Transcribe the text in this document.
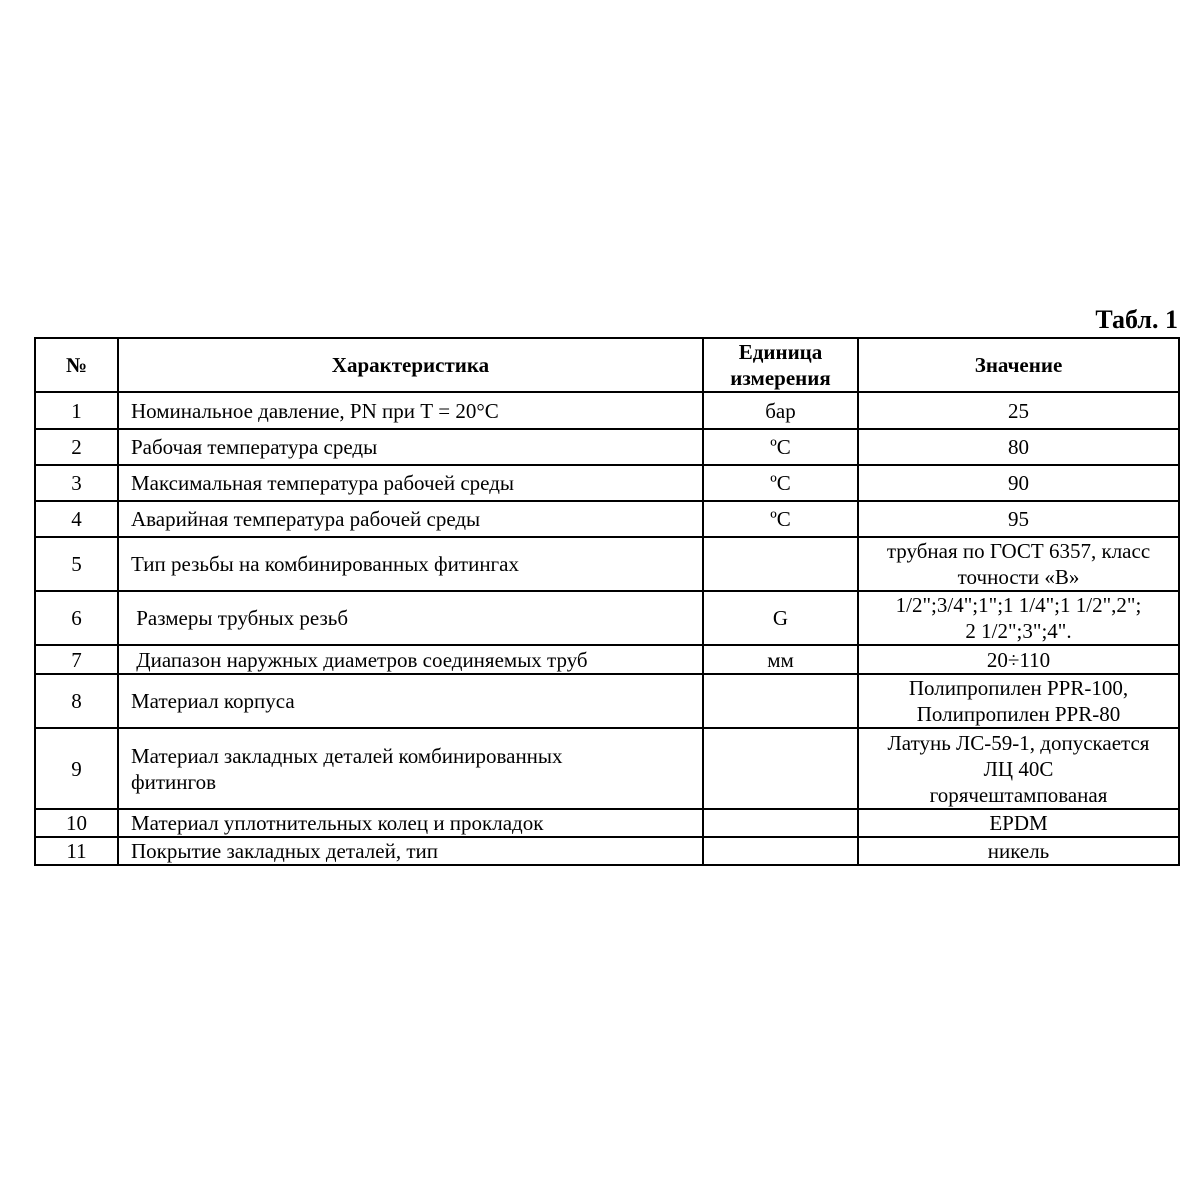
Табл. 1
№	Характеристика	Единица
измерения	Значение
1	Номинальное давление, PN при Т = 20°С	бар	25
2	Рабочая температура среды	ºС	80
3	Максимальная температура рабочей среды	ºС	90
4	Аварийная температура рабочей среды	ºС	95
5	Тип резьбы на комбинированных фитингах		трубная по ГОСТ 6357, класс
точности «В»

6	Размеры трубных резьб	G	1/2";3/4";1";1 1/4";1 1/2",2";
2 1/2";3";4".

7	Диапазон наружных диаметров соединяемых труб	мм	20÷110
8	Материал корпуса		Полипропилен PPR-100,
Полипропилен PPR-80

9	Материал закладных деталей комбинированных
фитингов		Латунь ЛС-59-1, допускается
ЛЦ 40С
горячештампованая

10	Материал уплотнительных колец и прокладок		EPDM
11	Покрытие закладных деталей, тип		никель
